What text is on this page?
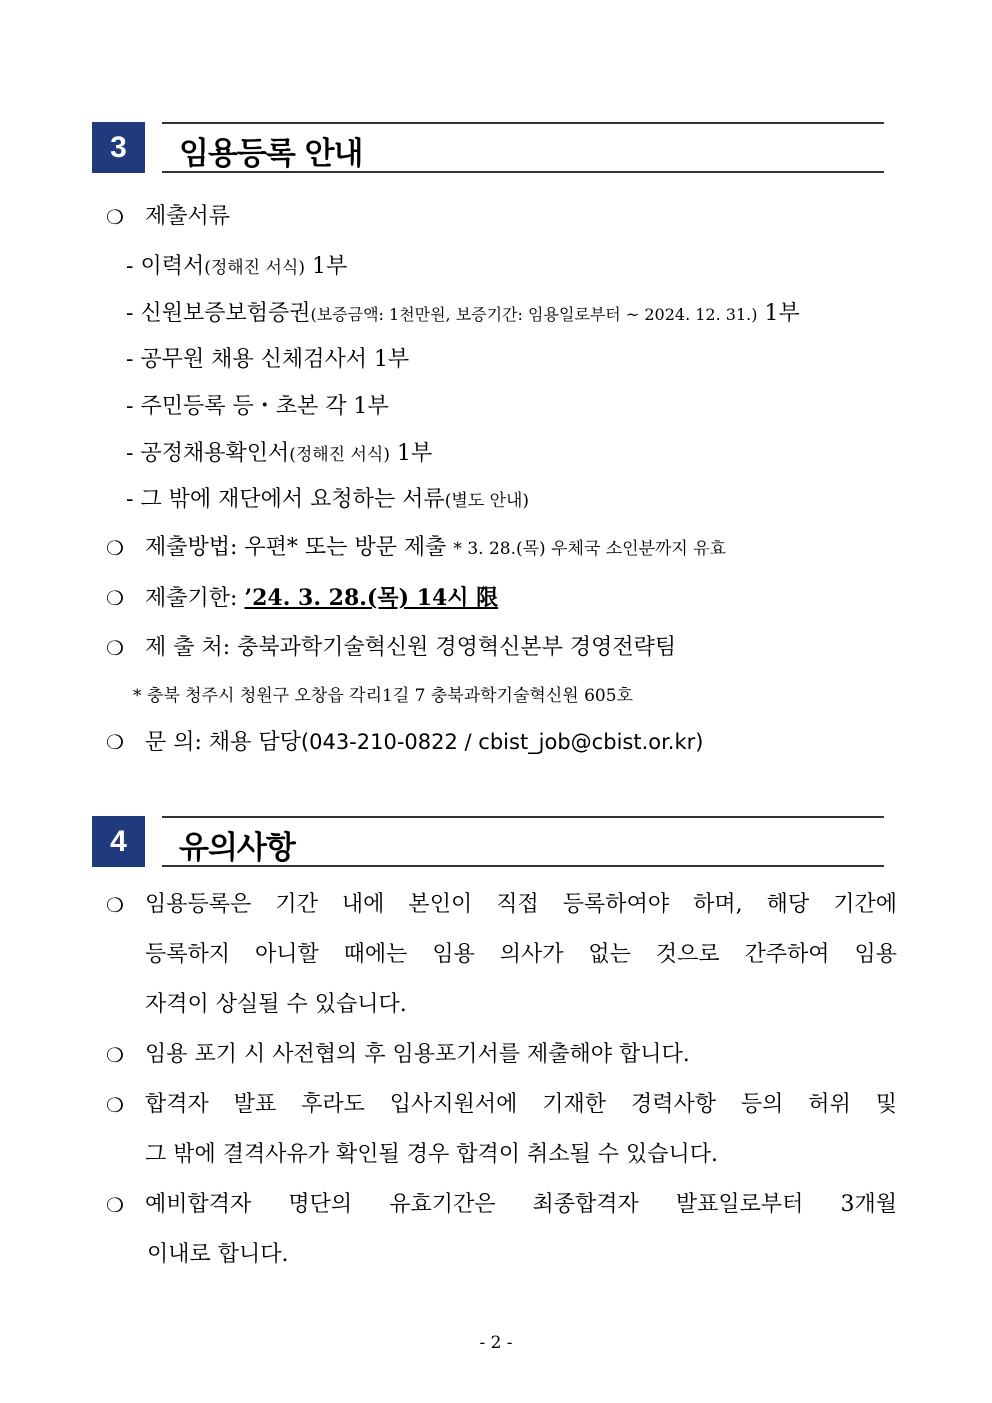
3	임용등록 안내
❍ 제출서류
- 이력서(정해진 서식) 1부
- 신원보증보험증권(보증금액: 1천만원, 보증기간: 임용일로부터 ~ 2024. 12. 31.) 1부
- 공무원 채용 신체검사서 1부
- 주민등록 등・초본 각 1부
- 공정채용확인서(정해진 서식) 1부
- 그 밖에 재단에서 요청하는 서류(별도 안내)
❍ 제출방법: 우편* 또는 방문 제출 * 3. 28.(목) 우체국 소인분까지 유효
❍ 제출기한: ’24. 3. 28.(목) 14시 限
❍ 제 출 처: 충북과학기술혁신원 경영혁신본부 경영전략팀
* 충북 청주시 청원구 오창읍 각리1길 7 충북과학기술혁신원 605호
❍ 문 의: 채용 담당(043-210-0822 / cbist_job@cbist.or.kr)
4	유의사항
❍ 임용등록은 기간 내에 본인이 직접 등록하여야 하며, 해당 기간에
등록하지 아니할 때에는 임용 의사가 없는 것으로 간주하여 임용
자격이 상실될 수 있습니다.
❍ 임용 포기 시 사전협의 후 임용포기서를 제출해야 합니다.
❍ 합격자 발표 후라도 입사지원서에 기재한 경력사항 등의 허위 및
그 밖에 결격사유가 확인될 경우 합격이 취소될 수 있습니다.
❍ 예비합격자 명단의 유효기간은 최종합격자 발표일로부터 3개월
이내로 합니다.
- 2 -
